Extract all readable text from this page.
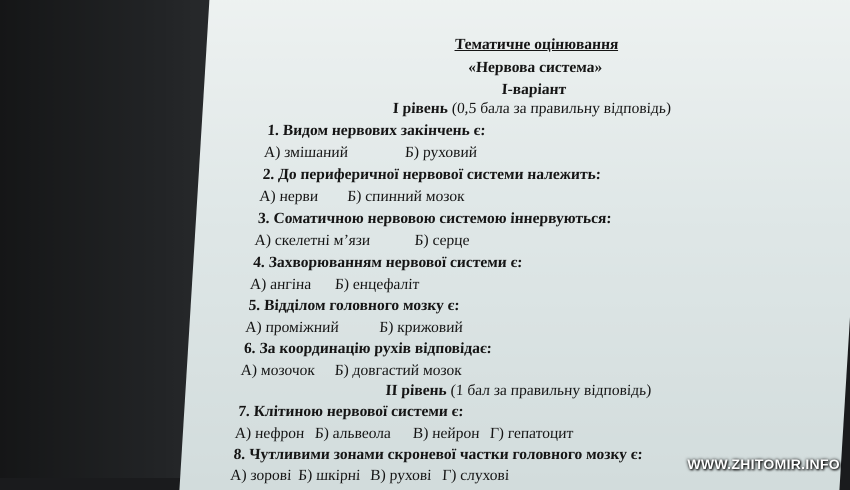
Тематичне оцінювання
«Нервова система»
І-варіант
І рівень (0,5 бала за правильну відповідь)
1. Видом нервових закінчень є:
А) змішаний	Б) руховий
2. До периферичної нервової системи належить:
А) нерви Б) спинний мозок
3. Соматичною нервовою системою іннервуються:
А) скелетні м’язи	Б) серце
4. Захворюванням нервової системи є:
А) ангіна Б) енцефаліт
5. Відділом головного мозку є:
А) проміжний	Б) крижовий
6. За координацію рухів відповідає:
А) мозочок Б) довгастий мозок
ІІ рівень (1 бал за правильну відповідь)
7. Клітиною нервової системи є:
А) нефрон Б) альвеола В) нейрон Г) гепатоцит
8. Чутливими зонами скроневої частки головного мозку є:
А) зорові Б) шкірні В) рухові Г) слухові
WWW.ZHITOMIR.INFO
